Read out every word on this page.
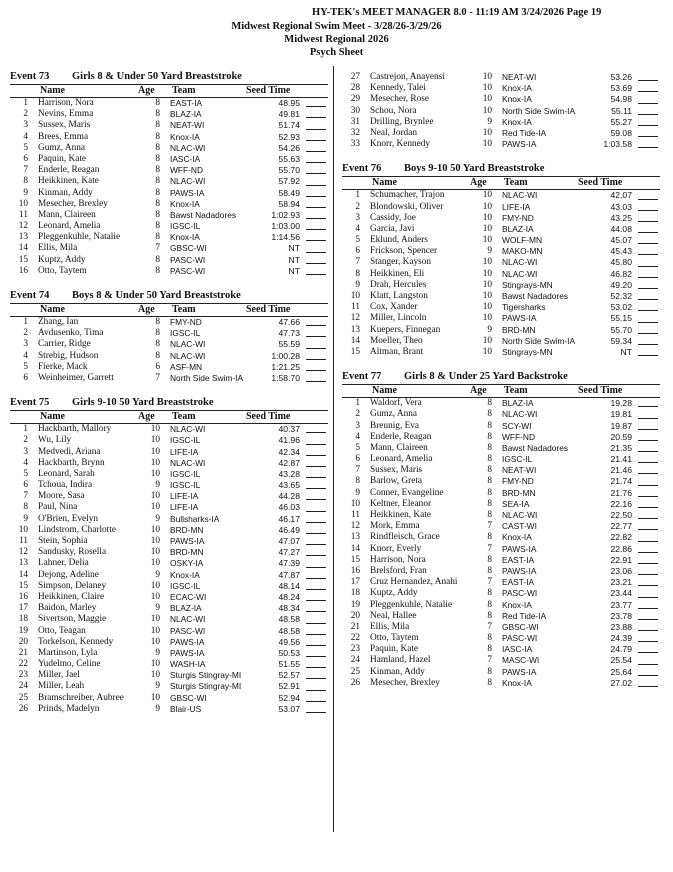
HY-TEK's MEET MANAGER 8.0 - 11:19 AM 3/24/2026 Page 19
Midwest Regional Swim Meet - 3/28/26-3/29/26
Midwest Regional 2026
Psych Sheet
Event 73 Girls 8 & Under 50 Yard Breaststroke
Name	Age Team	Seed Time
1 Harrison, Nora	8 EAST-IA	48.95
2 Nevins, Emma	8 BLAZ-IA	49.81
3 Sussex, Maris	8 NEAT-WI	51.74
4 Brees, Emma	8 Knox-IA	52.93
5 Gumz, Anna	8 NLAC-WI	54.26
6 Paquin, Kate	8 IASC-IA	55.63
7 Enderle, Reagan	8 WFF-ND	55.70
8 Heikkinen, Kate	8 NLAC-WI	57.92
9 Kinman, Addy	8 PAWS-IA	58.49
10 Mesecher, Brexley	8 Knox-IA	58.94
11 Mann, Claireen	8 Bawst Nadadores	1:02.93
12 Leonard, Amelia	8 IGSC-IL	1:03.00
13 Pleggenkuhle, Natalie	8 Knox-IA	1:14.56
14 Ellis, Mila	7 GBSC-WI	NT
15 Kuptz, Addy	8 PASC-WI	NT
16 Otto, Taytem	8 PASC-WI	NT
Event 74 Boys 8 & Under 50 Yard Breaststroke
Name	Age Team	Seed Time
1 Zhang, Ian	8 FMY-ND	47.66
2 Avdusenko, Tima	8 IGSC-IL	47.73
3 Carrier, Ridge	8 NLAC-WI	55.59
4 Strebig, Hudson	8 NLAC-WI	1:00.28
5 Fierke, Mack	6 ASF-MN	1:21.25
6 Weinheimer, Garrett	7 North Side Swim-IA	1:58.70
Event 75 Girls 9-10 50 Yard Breaststroke
Name	Age Team	Seed Time
1 Hackbarth, Mallory	10 NLAC-WI	40.37
2 Wu, Lily	10 IGSC-IL	41.96
3 Medvedi, Ariana	10 LIFE-IA	42.34
4 Hackbarth, Brynn	10 NLAC-WI	42.87
5 Leonard, Sarah	10 IGSC-IL	43.28
6 Tchoua, Indira	9 IGSC-IL	43.65
7 Moore, Sasa	10 LIFE-IA	44.28
8 Paul, Nina	10 LIFE-IA	46.03
9 O'Brien, Evelyn	9 Bullsharks-IA	46.17
10 Lindstrom, Charlotte	10 BRD-MN	46.49
11 Stein, Sophia	10 PAWS-IA	47.07
12 Sandusky, Rosella	10 BRD-MN	47.27
13 Lahner, Delia	10 OSKY-IA	47.39
14 Dejong, Adeline	9 Knox-IA	47.87
15 Simpson, Delaney	10 IGSC-IL	48.14
16 Heikkinen, Claire	10 ECAC-WI	48.24
17 Baidon, Marley	9 BLAZ-IA	48.34
18 Sivertson, Maggie	10 NLAC-WI	48.58
19 Otto, Teagan	10 PASC-WI	48.58
20 Torkelson, Kennedy	10 PAWS-IA	49.56
21 Martinson, Lyla	9 PAWS-IA	50.53
22 Yudelmo, Celine	10 WASH-IA	51.55
23 Miller, Jael	10 Sturgis Stingray-MI	52.57
24 Miller, Leah	9 Sturgis Stingray-MI	52.91
25 Bramschreiber, Aubree	10 GBSC-WI	52.94
26 Prinds, Madelyn	9 Blair-US	53.07
27 Castrejon, Anayensi	10 NEAT-WI	53.26
28 Kennedy, Talei	10 Knox-IA	53.69
29 Mesecher, Rose	10 Knox-IA	54.98
30 Schou, Nora	10 North Side Swim-IA	55.11
31 Drilling, Brynlee	9 Knox-IA	55.27
32 Neal, Jordan	10 Red Tide-IA	59.08
33 Knorr, Kennedy	10 PAWS-IA	1:03.58
Event 76 Boys 9-10 50 Yard Breaststroke
Name	Age Team	Seed Time
1 Schumacher, Trajon	10 NLAC-WI	42.07
2 Blondowski, Oliver	10 LIFE-IA	43.03
3 Cassidy, Joe	10 FMY-ND	43.25
4 Garcia, Javi	10 BLAZ-IA	44.08
5 Eklund, Anders	10 WOLF-MN	45.07
6 Frickson, Spencer	9 MAKO-MN	45.43
7 Stanger, Kayson	10 NLAC-WI	45.80
8 Heikkinen, Eli	10 NLAC-WI	46.82
9 Drah, Hercules	10 Stingrays-MN	49.20
10 Klatt, Langston	10 Bawst Nadadores	52.32
11 Cox, Xander	10 Tigersharks	53.02
12 Miller, Lincoln	10 PAWS-IA	55.15
13 Kuepers, Finnegan	9 BRD-MN	55.70
14 Moeller, Theo	10 North Side Swim-IA	59.34
15 Altman, Brant	10 Stingrays-MN	NT
Event 77 Girls 8 & Under 25 Yard Backstroke
Name	Age Team	Seed Time
1 Waldorf, Vera	8 BLAZ-IA	19.28
2 Gumz, Anna	8 NLAC-WI	19.81
3 Breunig, Eva	8 SCY-WI	19.87
4 Enderle, Reagan	8 WFF-ND	20.59
5 Mann, Claireen	8 Bawst Nadadores	21.35
6 Leonard, Amelia	8 IGSC-IL	21.41
7 Sussex, Maris	8 NEAT-WI	21.46
8 Barlow, Greta	8 FMY-ND	21.74
9 Conner, Evangeline	8 BRD-MN	21.76
10 Keltner, Eleanor	8 SEA-IA	22.16
11 Heikkinen, Kate	8 NLAC-WI	22.50
12 Mork, Emma	7 CAST-WI	22.77
13 Rindfleisch, Grace	8 Knox-IA	22.82
14 Knorr, Everly	7 PAWS-IA	22.86
15 Harrison, Nora	8 EAST-IA	22.91
16 Brelsford, Fran	8 PAWS-IA	23.06
17 Cruz Hernandez, Anahi	7 EAST-IA	23.21
18 Kuptz, Addy	8 PASC-WI	23.44
19 Pleggenkuhle, Natalie	8 Knox-IA	23.77
20 Neal, Hallee	8 Red Tide-IA	23.78
21 Ellis, Mila	7 GBSC-WI	23.88
22 Otto, Taytem	8 PASC-WI	24.39
23 Paquin, Kate	8 IASC-IA	24.79
24 Hamland, Hazel	7 MASC-WI	25.54
25 Kinman, Addy	8 PAWS-IA	25.64
26 Mesecher, Brexley	8 Knox-IA	27.02
